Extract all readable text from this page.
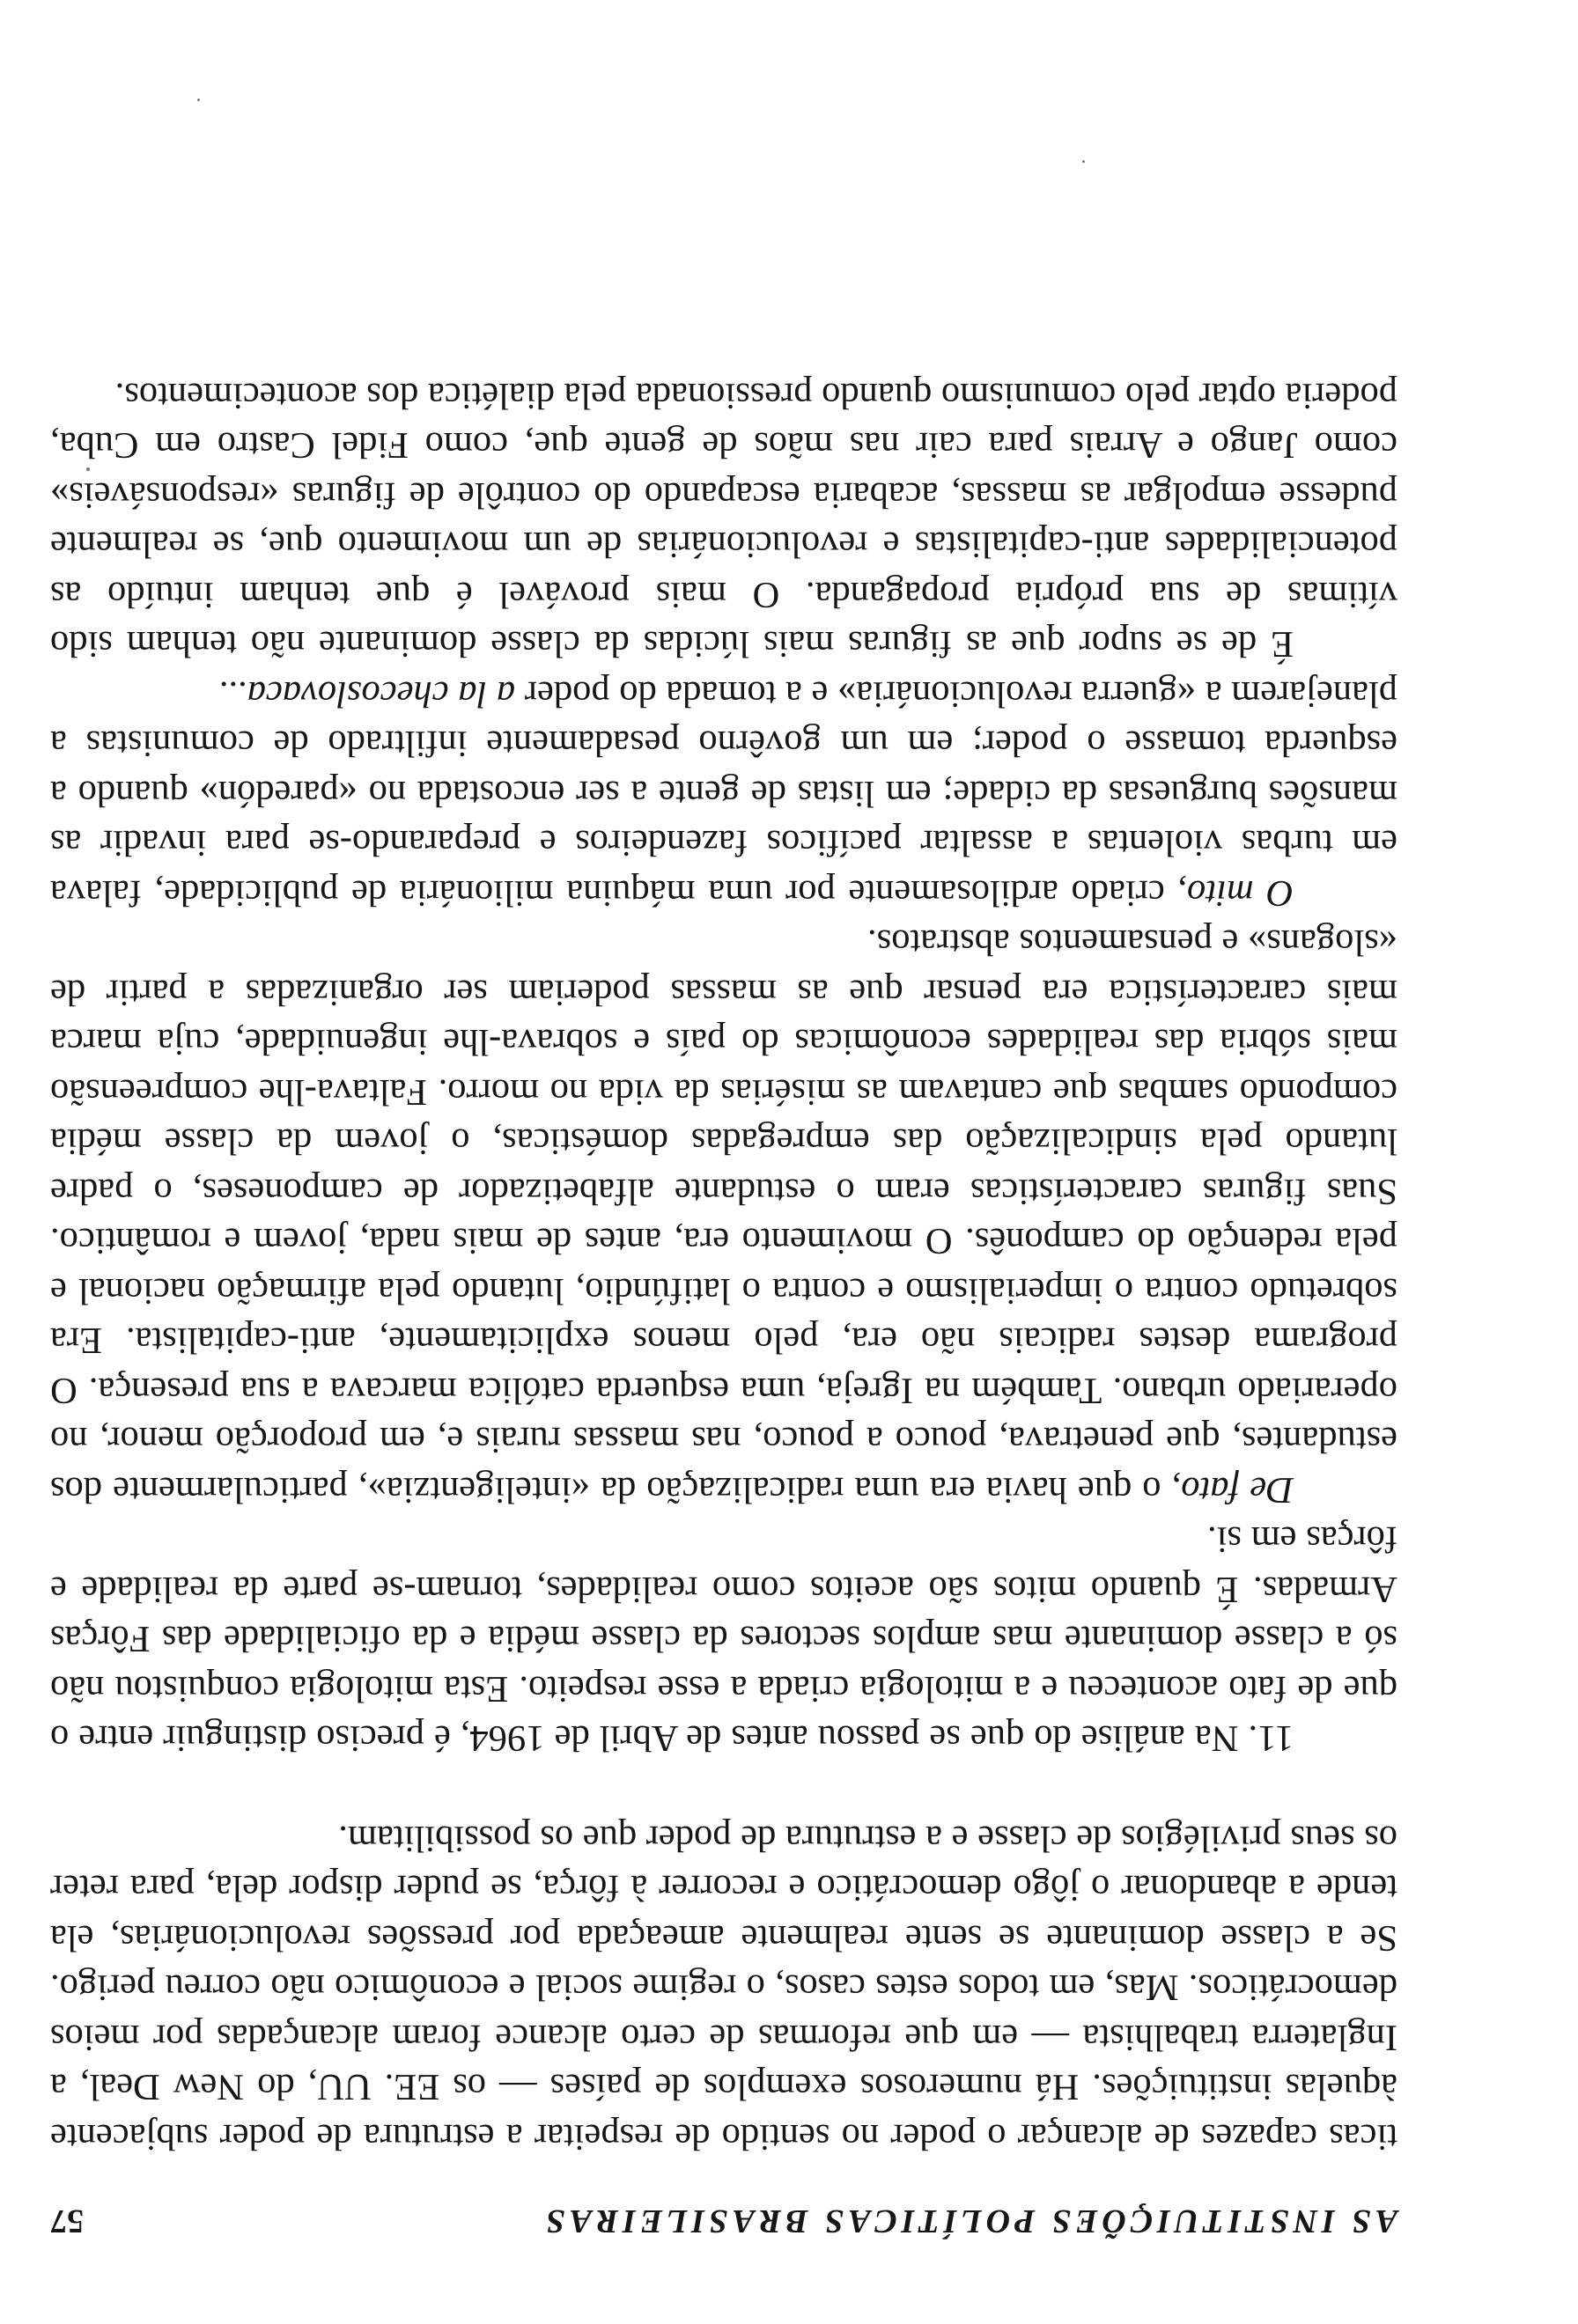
AS INSTITUIÇÕES POLÍTICAS BRASILEIRAS
57

ticas capazes de alcançar o poder no sentido de respeitar a estrutura de poder subjacente àquelas instituições. Há numerosos exemplos de países — os EE. UU, do New Deal, a Inglaterra trabalhista — em que reformas de certo alcance foram alcançadas por meios democráticos. Mas, em todos estes casos, o regime social e econômico não correu perigo. Se a classe dominante se sente realmente ameaçada por pressões revolucionárias, ela tende a abandonar o jôgo democrático e recorrer à fôrça, se puder dispor dela, para reter os seus privilégios de classe e a estrutura de poder que os possibilitam.

11. Na análise do que se passou antes de Abril de 1964, é preciso distinguir entre o que de fato aconteceu e a mitologia criada a esse respeito. Esta mitologia conquistou não só a classe dominante mas amplos sectores da classe média e da oficialidade das Fôrças Armadas. É quando mitos são aceitos como realidades, tornam-se parte da realidade e fôrças em si.

De fato, o que havia era uma radicalização da «inteligentzia», particularmente dos estudantes, que penetrava, pouco a pouco, nas massas rurais e, em proporção menor, no operariado urbano. Também na Igreja, uma esquerda católica marcava a sua presença. O programa destes radicais não era, pelo menos explicitamente, anti-capitalista. Era sobretudo contra o imperialismo e contra o latifúndio, lutando pela afirmação nacional e pela redenção do camponês. O movimento era, antes de mais nada, jovem e romântico. Suas figuras características eram o estudante alfabetizador de camponeses, o padre lutando pela sindicalização das empregadas domésticas, o jovem da classe média compondo sambas que cantavam as misérias da vida no morro. Faltava-lhe compreensão mais sóbria das realidades econômicas do país e sobrava-lhe ingenuidade, cuja marca mais característica era pensar que as massas poderiam ser organizadas a partir de «slogans» e pensamentos abstratos.

O mito, criado ardilosamente por uma máquina milionária de publicidade, falava em turbas violentas a assaltar pacíficos fazendeiros e preparando-se para invadir as mansões burguesas da cidade; em listas de gente a ser encostada no «paredón» quando a esquerda tomasse o poder; em um govêrno pesadamente infiltrado de comunistas a planejarem a «guerra revolucionária» e a tomada do poder a la checoslovaca...

É de se supor que as figuras mais lúcidas da classe dominante não tenham sido vítimas de sua própria propaganda. O mais provável é que tenham intuído as potencialidades anti-capitalistas e revolucionárias de um movimento que, se realmente pudesse empolgar as massas, acabaria escapando do contrôle de figuras «responsáveis» como Jango e Arrais para cair nas mãos de gente que, como Fidel Castro em Cuba, poderia optar pelo comunismo quando pressionada pela dialética dos acontecimentos.
